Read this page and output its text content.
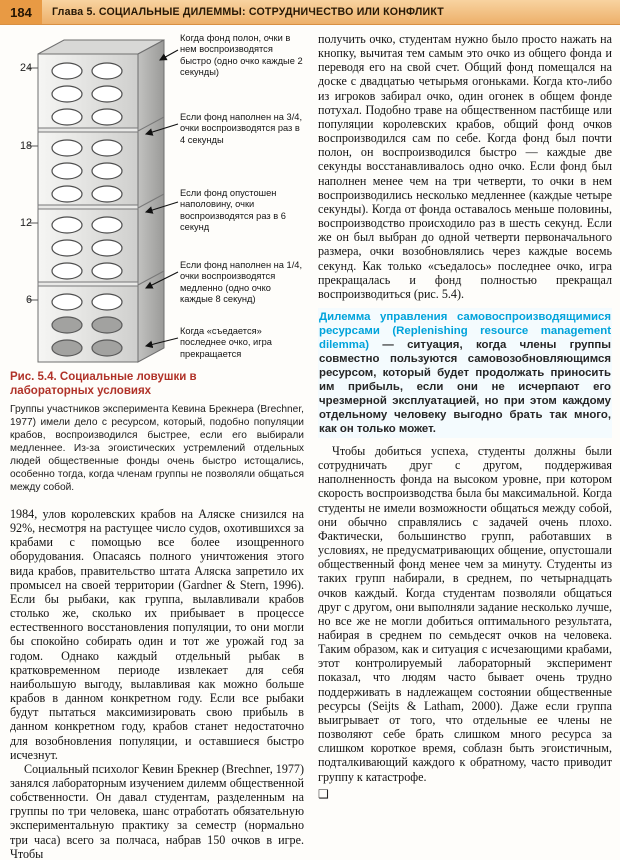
184	Глава 5. СОЦИАЛЬНЫЕ ДИЛЕММЫ: СОТРУДНИЧЕСТВО ИЛИ КОНФЛИКТ
24
18
12
6
Когда фонд полон, очки в нем воспроизводятся быстро (одно очко каждые 2 секунды)
Если фонд наполнен на 3/4, очки воспроизводятся раз в 4 секунды
Если фонд опустошен наполовину, очки воспроизводятся раз в 6 секунд
Если фонд наполнен на 1/4, очки воспроизводятся медленно (одно очко каждые 8 секунд)
Когда «съедается» последнее очко, игра прекращается
Рис. 5.4. Социальные ловушки в лабораторных условиях
Группы участников эксперимента Кевина Брекнера (Brechner, 1977) имели дело с ресурсом, который, подобно популяции крабов, воспроизводился быстрее, если его выбирали медленнее. Из-за эгоистических устремлений отдельных людей общественные фонды очень быстро истощались, особенно тогда, когда членам группы не позволяли общаться между собой.

1984, улов королевских крабов на Аляске снизился на 92%, несмотря на растущее число судов, охотившихся за крабами с помощью все более изощренного оборудования. Опасаясь полного уничтожения этого вида крабов, правительство штата Аляска запретило их промысел на своей территории (Gardner & Stern, 1996). Если бы рыбаки, как группа, вылавливали крабов столько же, сколько их прибывает в процессе естественного восстановления популяции, то они могли бы спокойно собирать один и тот же урожай год за годом. Однако каждый отдельный рыбак в кратковременном периоде извлекает для себя наибольшую выгоду, вылавливая как можно больше крабов в данном конкретном году. Если все рыбаки будут пытаться максимизировать свою прибыль в данном конкретном году, крабов станет недостаточно для возобновления популяции, и оставшиеся быстро исчезнут.

Социальный психолог Кевин Брекнер (Brechner, 1977) занялся лабораторным изучением дилемм общественной собственности. Он давал студентам, разделенным на группы по три человека, шанс отработать обязательную экспериментальную практику за семестр (нормально три часа) всего за полчаса, набрав 150 очков в игре. Чтобы

получить очко, студентам нужно было просто нажать на кнопку, вычитая тем самым это очко из общего фонда и переводя его на свой счет. Общий фонд помещался на доске с двадцатью четырьмя огоньками. Когда кто-либо из игроков забирал очко, один огонек в общем фонде потухал. Подобно траве на общественном пастбище или популяции королевских крабов, общий фонд очков воспроизводился сам по себе. Когда фонд был почти полон, он воспроизводился быстро — каждые две секунды восстанавливалось одно очко. Если фонд был наполнен менее чем на три четверти, то очки в нем воспроизводились несколько медленнее (каждые четыре секунды). Когда от фонда оставалось меньше половины, воспроизводство происходило раз в шесть секунд. Если же он был выбран до одной четверти первоначального размера, очки возобновлялись через каждые восемь секунд. Как только «съедалось» последнее очко, игра прекращалась и фонд полностью прекращал воспроизводиться (рис. 5.4).

Дилемма управления самовоспроизводящимися ресурсами (Replenishing resource management dilemma) — ситуация, когда члены группы совместно пользуются самовозобновляющимся ресурсом, который будет продолжать приносить им прибыль, если они не исчерпают его чрезмерной эксплуатацией, но при этом каждому отдельному человеку выгодно брать так много, как он только может.

Чтобы добиться успеха, студенты должны были сотрудничать друг с другом, поддерживая наполненность фонда на высоком уровне, при котором скорость воспроизводства была бы максимальной. Когда студенты не имели возможности общаться между собой, они обычно справлялись с задачей очень плохо. Фактически, большинство групп, работавших в условиях, не предусматривающих общение, опустошали общественный фонд менее чем за минуту. Студенты из таких групп набирали, в среднем, по четырнадцать очков каждый. Когда студентам позволяли общаться друг с другом, они выполняли задание несколько лучше, но все же не могли добиться оптимального результата, набирая в среднем по семьдесят очков на человека. Таким образом, как и ситуация с исчезающими крабами, этот контролируемый лабораторный эксперимент показал, что людям часто бывает очень трудно поддерживать в надлежащем состоянии общественные ресурсы (Seijts & Latham, 2000). Даже если группа выигрывает от того, что отдельные ее члены не позволяют себе брать слишком много ресурса за слишком короткое время, соблазн быть эгоистичным, подталкивающий каждого к обратному, часто приводит группу к катастрофе.

❑
